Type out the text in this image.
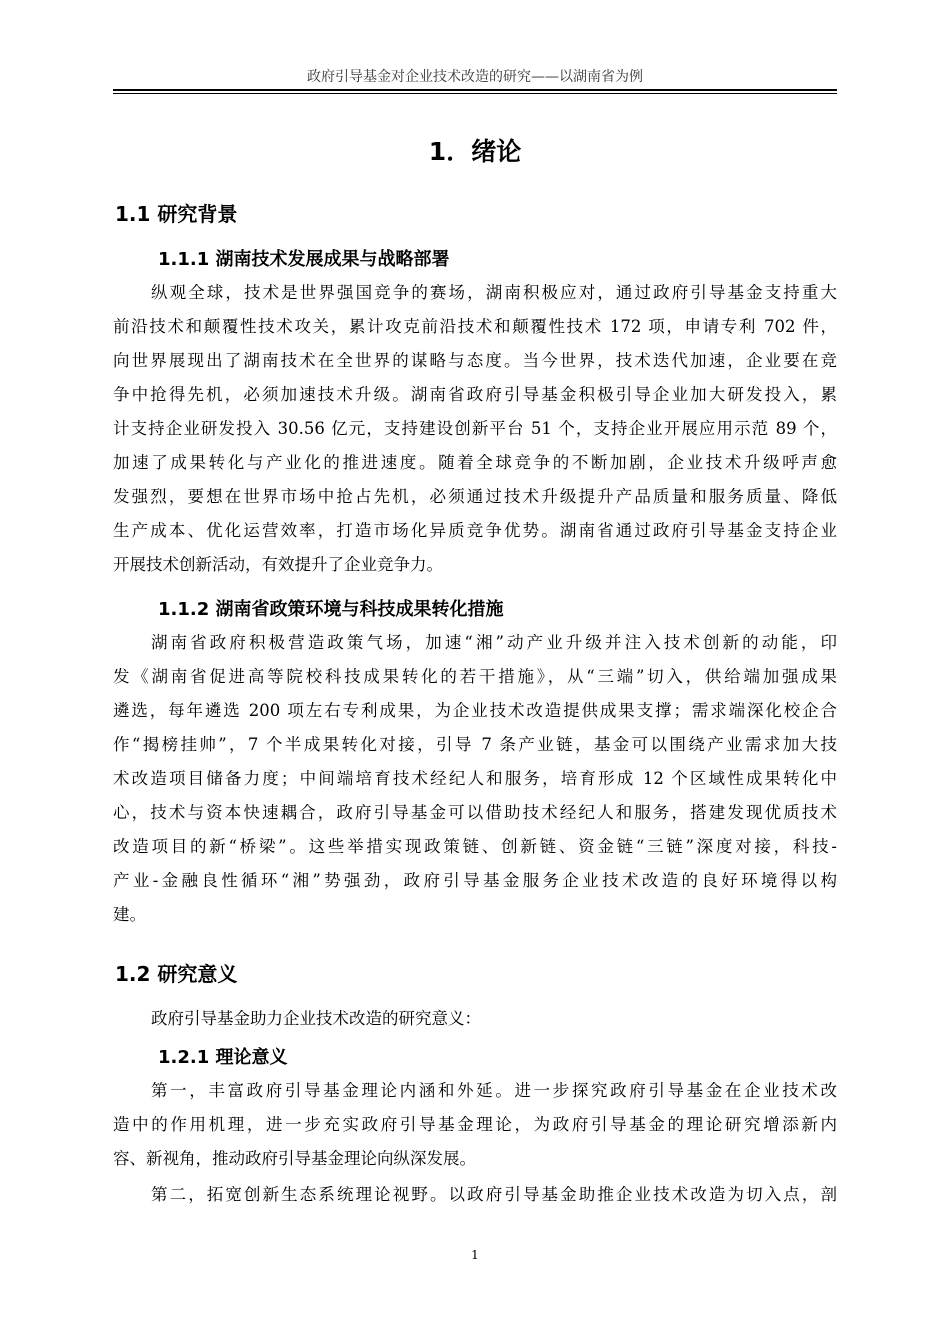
政府引导基金对企业技术改造的研究——以湖南省为例
1．绪论
1.1 研究背景
1.1.1 湖南技术发展成果与战略部署
纵观全球，技术是世界强国竞争的赛场，湖南积极应对，通过政府引导基金支持重大
前沿技术和颠覆性技术攻关，累计攻克前沿技术和颠覆性技术 172 项，申请专利 702 件，
向世界展现出了湖南技术在全世界的谋略与态度。当今世界，技术迭代加速，企业要在竞
争中抢得先机，必须加速技术升级。湖南省政府引导基金积极引导企业加大研发投入，累
计支持企业研发投入 30.56 亿元，支持建设创新平台 51 个，支持企业开展应用示范 89 个，
加速了成果转化与产业化的推进速度。随着全球竞争的不断加剧，企业技术升级呼声愈
发强烈，要想在世界市场中抢占先机，必须通过技术升级提升产品质量和服务质量、降低
生产成本、优化运营效率，打造市场化异质竞争优势。湖南省通过政府引导基金支持企业
开展技术创新活动，有效提升了企业竞争力。
1.1.2 湖南省政策环境与科技成果转化措施
湖南省政府积极营造政策气场，加速“湘”动产业升级并注入技术创新的动能，印
发《湖南省促进高等院校科技成果转化的若干措施》，从“三端”切入，供给端加强成果
遴选，每年遴选 200 项左右专利成果，为企业技术改造提供成果支撑；需求端深化校企合
作“揭榜挂帅”，7 个半成果转化对接，引导 7 条产业链，基金可以围绕产业需求加大技
术改造项目储备力度；中间端培育技术经纪人和服务，培育形成 12 个区域性成果转化中
心，技术与资本快速耦合，政府引导基金可以借助技术经纪人和服务，搭建发现优质技术
改造项目的新“桥梁”。这些举措实现政策链、创新链、资金链“三链”深度对接，科技-
产业-金融良性循环“湘”势强劲，政府引导基金服务企业技术改造的良好环境得以构
建。
1.2 研究意义
政府引导基金助力企业技术改造的研究意义：
1.2.1 理论意义
第一，丰富政府引导基金理论内涵和外延。进一步探究政府引导基金在企业技术改
造中的作用机理，进一步充实政府引导基金理论，为政府引导基金的理论研究增添新内
容、新视角，推动政府引导基金理论向纵深发展。
第二，拓宽创新生态系统理论视野。以政府引导基金助推企业技术改造为切入点，剖
1
